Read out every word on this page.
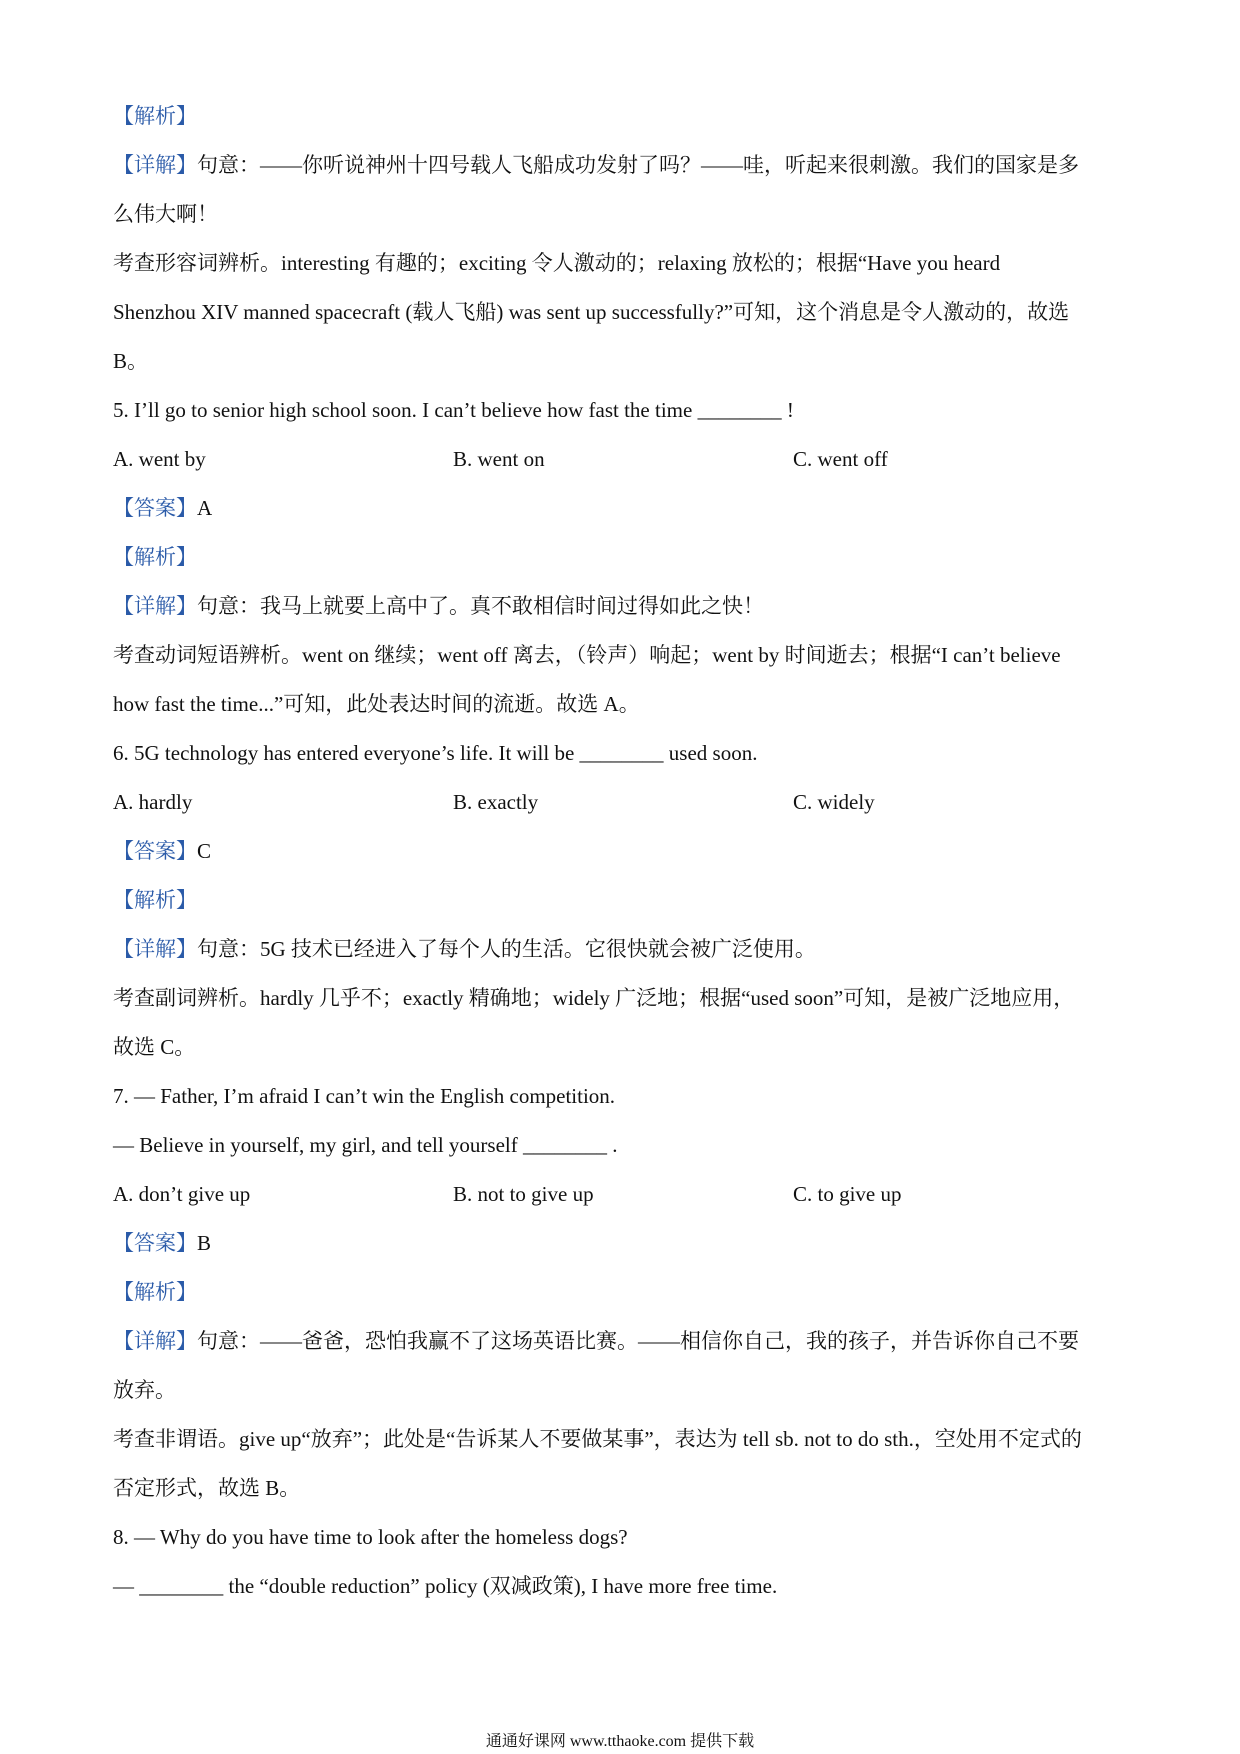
【解析】
【详解】句意：——你听说神州十四号载人飞船成功发射了吗？——哇，听起来很刺激。我们的国家是多
么伟大啊！
考查形容词辨析。interesting 有趣的；exciting 令人激动的；relaxing 放松的；根据“Have you heard
Shenzhou XIV manned spacecraft (载人飞船) was sent up successfully?”可知，这个消息是令人激动的，故选
B。
5. I’ll go to senior high school soon. I can’t believe how fast the time ________ !
A. went by	B. went on	C. went off
【答案】A
【解析】
【详解】句意：我马上就要上高中了。真不敢相信时间过得如此之快！
考查动词短语辨析。went on 继续；went off 离去，（铃声）响起；went by 时间逝去；根据“I can’t believe
how fast the time...”可知，此处表达时间的流逝。故选 A。
6. 5G technology has entered everyone’s life. It will be ________ used soon.
A. hardly	B. exactly	C. widely
【答案】C
【解析】
【详解】句意：5G 技术已经进入了每个人的生活。它很快就会被广泛使用。
考查副词辨析。hardly 几乎不；exactly 精确地；widely 广泛地；根据“used soon”可知，是被广泛地应用，
故选 C。
7. — Father, I’m afraid I can’t win the English competition.
— Believe in yourself, my girl, and tell yourself ________ .
A. don’t give up	B. not to give up	C. to give up
【答案】B
【解析】
【详解】句意：——爸爸，恐怕我赢不了这场英语比赛。——相信你自己，我的孩子，并告诉你自己不要
放弃。
考查非谓语。give up“放弃”；此处是“告诉某人不要做某事”，表达为 tell sb. not to do sth.，空处用不定式的
否定形式，故选 B。
8. — Why do you have time to look after the homeless dogs?
— ________ the “double reduction” policy (双减政策), I have more free time.
通通好课网 www.tthaoke.com 提供下载
